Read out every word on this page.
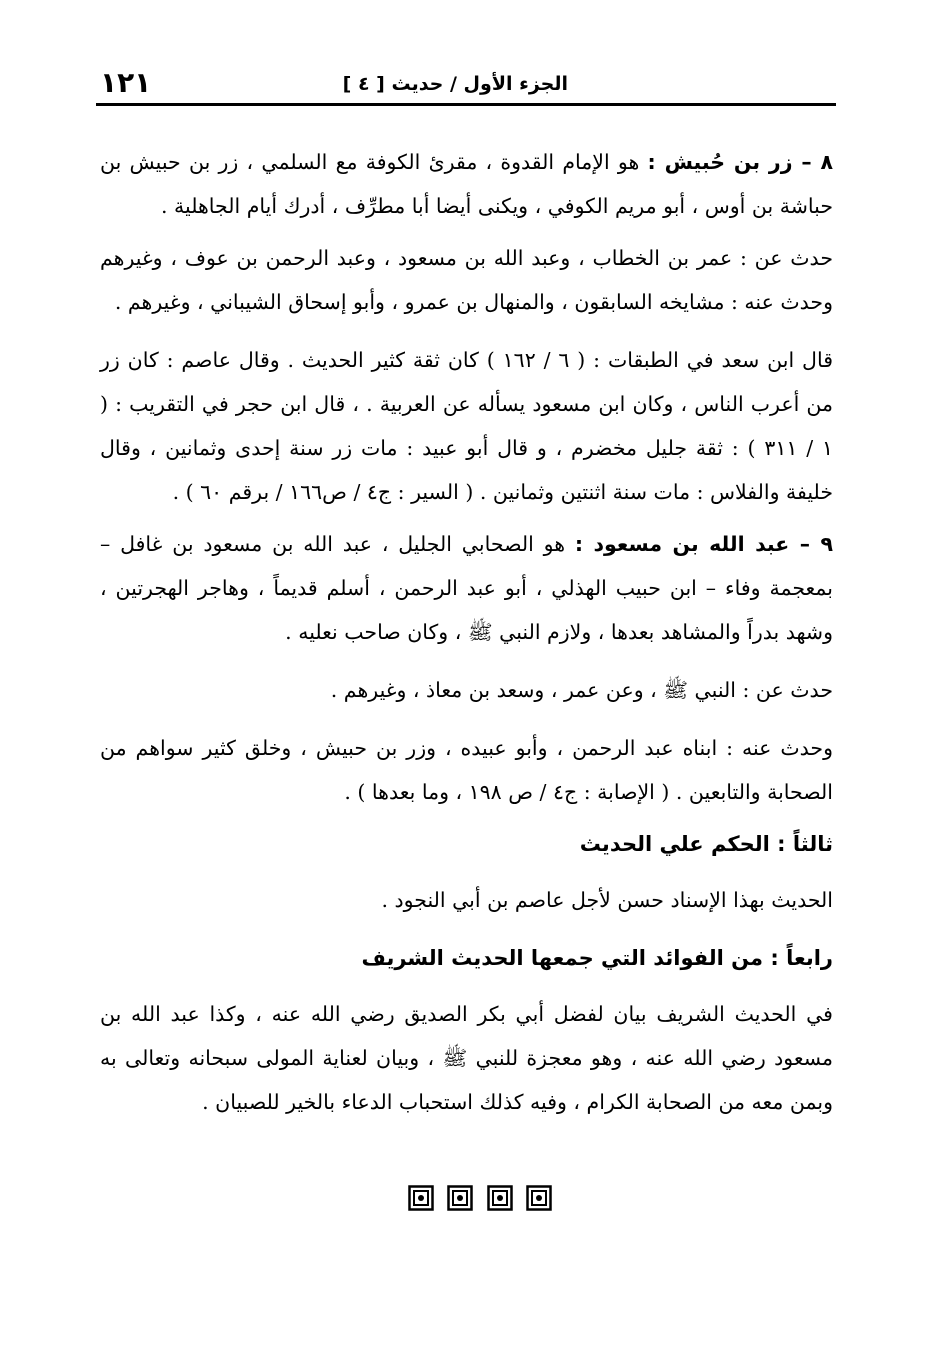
١٢١	الجزء الأول / حديث [ ٤ ]

٨ – زر بن حُبيش : هو الإمام القدوة ، مقرئ الكوفة مع السلمي ، زر بن حبيش بن حباشة بن أوس ، أبو مريم الكوفي ، ويكنى أيضا أبا مطرِّف ، أدرك أيام الجاهلية .

حدث عن : عمر بن الخطاب ، وعبد الله بن مسعود ، وعبد الرحمن بن عوف ، وغيرهم وحدث عنه : مشايخه السابقون ، والمنهال بن عمرو ، وأبو إسحاق الشيباني ، وغيرهم .

قال ابن سعد في الطبقات : ( ٦ / ١٦٢ ) كان ثقة كثير الحديث . وقال عاصم : كان زر من أعرب الناس ، وكان ابن مسعود يسأله عن العربية . ، قال ابن حجر في التقريب : ( ١ / ٣١١ ) : ثقة جليل مخضرم ، و قال أبو عبيد : مات زر سنة إحدى وثمانين ، وقال خليفة والفلاس : مات سنة اثنتين وثمانين . ( السير : ج٤ / ص١٦٦ / برقم ٦٠ ) .

٩ – عبد الله بن مسعود : هو الصحابي الجليل ، عبد الله بن مسعود بن غافل – بمعجمة وفاء – ابن حبيب الهذلي ، أبو عبد الرحمن ، أسلم قديماً ، وهاجر الهجرتين ، وشهد بدراً والمشاهد بعدها ، ولازم النبي ﷺ ، وكان صاحب نعليه .

حدث عن : النبي ﷺ ، وعن عمر ، وسعد بن معاذ ، وغيرهم .

وحدث عنه : ابناه عبد الرحمن ، وأبو عبيده ، وزر بن حبيش ، وخلق كثير سواهم من الصحابة والتابعين . ( الإصابة : ج٤ / ص ١٩٨ ، وما بعدها ) .

ثالثاً : الحكم علي الحديث

الحديث بهذا الإسناد حسن لأجل عاصم بن أبي النجود .

رابعاً : من الفوائد التي جمعها الحديث الشريف

في الحديث الشريف بيان لفضل أبي بكر الصديق رضي الله عنه ، وكذا عبد الله بن مسعود رضي الله عنه ، وهو معجزة للنبي ﷺ ، وبيان لعناية المولى سبحانه وتعالى به وبمن معه من الصحابة الكرام ، وفيه كذلك استحباب الدعاء بالخير للصبيان .
